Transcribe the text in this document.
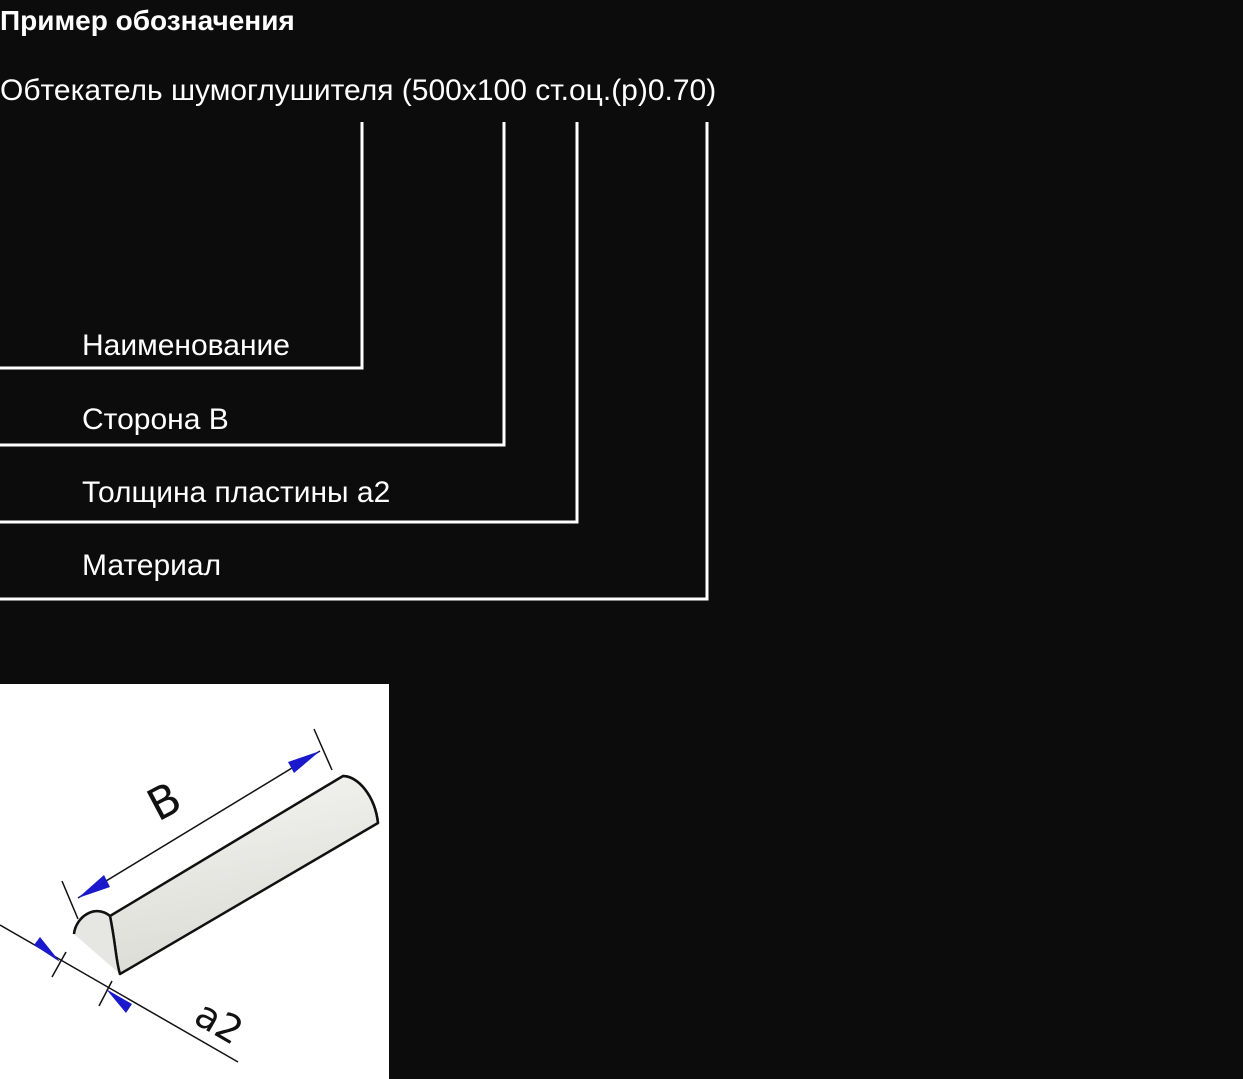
Пример обозначения
Обтекатель шумоглушителя (500x100 ст.оц.(р)0.70)
Наименование
Сторона B
Толщина пластины а2
Материал
B
a2
